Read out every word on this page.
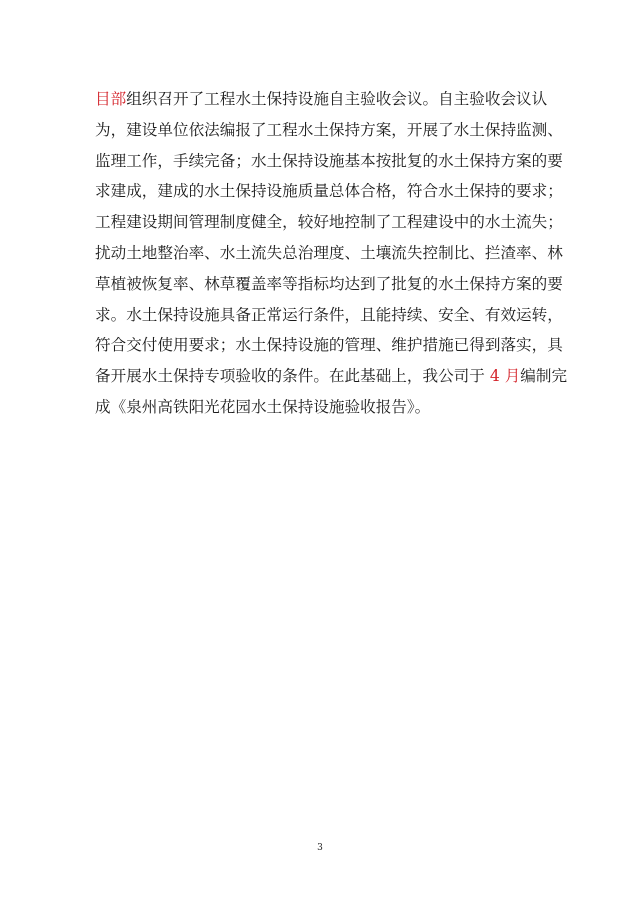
目部组织召开了工程水土保持设施自主验收会议。自主验收会议认
为，建设单位依法编报了工程水土保持方案，开展了水土保持监测、
监理工作，手续完备；水土保持设施基本按批复的水土保持方案的要
求建成，建成的水土保持设施质量总体合格，符合水土保持的要求；
工程建设期间管理制度健全，较好地控制了工程建设中的水土流失；
扰动土地整治率、水土流失总治理度、土壤流失控制比、拦渣率、林
草植被恢复率、林草覆盖率等指标均达到了批复的水土保持方案的要
求。水土保持设施具备正常运行条件，且能持续、安全、有效运转，
符合交付使用要求；水土保持设施的管理、维护措施已得到落实，具
备开展水土保持专项验收的条件。在此基础上，我公司于 4 月编制完
成《泉州高铁阳光花园水土保持设施验收报告》。
3
